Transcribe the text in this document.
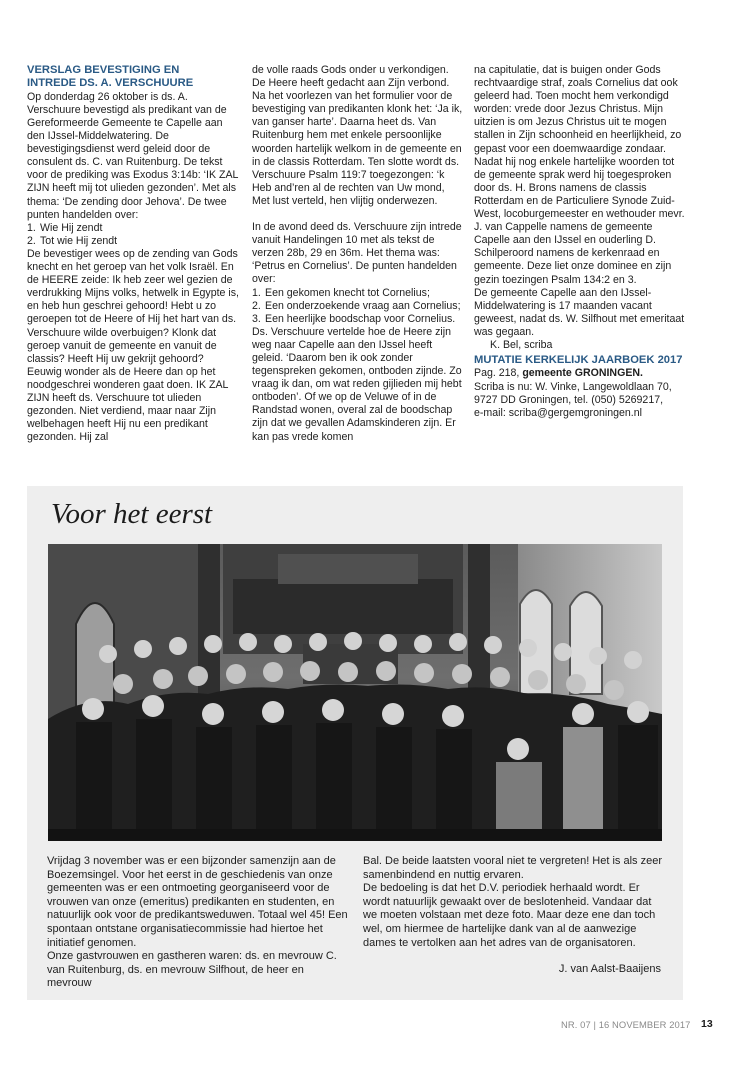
VERSLAG BEVESTIGING EN

INTREDE DS. A. VERSCHUURE

Op donderdag 26 oktober is ds. A. Verschuure bevestigd als predikant van de Gereformeerde Gemeente te Capelle aan den IJssel-Middelwatering. De bevestigingsdienst werd geleid door de consulent ds. C. van Ruitenburg. De tekst voor de prediking was Exodus 3:14b: ‘IK ZAL ZIJN heeft mij tot ulieden gezonden’. Met als thema: ‘De zending door Jehova’. De twee punten handelden over:

1. Wie Hij zendt
2. Tot wie Hij zendt

De bevestiger wees op de zending van Gods knecht en het geroep van het volk Israël. En de HEERE zeide: Ik heb zeer wel gezien de verdrukking Mijns volks, hetwelk in Egypte is, en heb hun geschrei gehoord! Hebt u zo geroepen tot de Heere of Hij het hart van ds. Verschuure wilde overbuigen? Klonk dat geroep vanuit de gemeente en vanuit de classis? Heeft Hij uw gekrijt gehoord? Eeuwig wonder als de Heere dan op het noodgeschrei wonderen gaat doen. IK ZAL ZIJN heeft ds. Verschuure tot ulieden gezonden. Niet verdiend, maar naar Zijn welbehagen heeft Hij nu een predikant gezonden. Hij zal

de volle raads Gods onder u verkondigen. De Heere heeft gedacht aan Zijn verbond. Na het voorlezen van het formulier voor de bevestiging van predikanten klonk het: ‘Ja ik, van ganser harte’. Daarna heet ds. Van Ruitenburg hem met enkele persoonlijke woorden hartelijk welkom in de gemeente en in de classis Rotterdam. Ten slotte wordt ds. Verschuure Psalm 119:7 toegezongen: ‘k Heb and’ren al de rechten van Uw mond, Met lust verteld, hen vlijtig onderwezen.

In de avond deed ds. Verschuure zijn intrede vanuit Handelingen 10 met als tekst de verzen 28b, 29 en 36m. Het thema was: ‘Petrus en Cornelius’. De punten handelden over:

1. Een gekomen knecht tot Cornelius;
2. Een onderzoekende vraag aan Cornelius;
3. Een heerlijke boodschap voor Cornelius.

Ds. Verschuure vertelde hoe de Heere zijn weg naar Capelle aan den IJssel heeft geleid. ‘Daarom ben ik ook zonder tegenspreken gekomen, ontboden zijnde. Zo vraag ik dan, om wat reden gijlieden mij hebt ontboden’. Of we op de Veluwe of in de Randstad wonen, overal zal de boodschap zijn dat we gevallen Adamskinderen zijn. Er kan pas vrede komen

na capitulatie, dat is buigen onder Gods rechtvaardige straf, zoals Cornelius dat ook geleerd had. Toen mocht hem verkondigd worden: vrede door Jezus Christus. Mijn uitzien is om Jezus Christus uit te mogen stallen in Zijn schoonheid en heerlijkheid, zo gepast voor een doemwaardige zondaar.

Nadat hij nog enkele hartelijke woorden tot de gemeente sprak werd hij toegesproken door ds. H. Brons namens de classis Rotterdam en de Particuliere Synode Zuid-West, locoburgemeester en wethouder mevr. J. van Cappelle namens de gemeente Capelle aan den IJssel en ouderling D. Schilperoord namens de kerkenraad en gemeente. Deze liet onze dominee en zijn gezin toezingen Psalm 134:2 en 3.

De gemeente Capelle aan den IJssel-Middelwatering is 17 maanden vacant geweest, nadat ds. W. Silfhout met emeritaat was gegaan.

K. Bel, scriba

MUTATIE KERKELIJK JAARBOEK 2017

Pag. 218, gemeente GRONINGEN.

Scriba is nu: W. Vinke, Langewoldlaan 70,

9727 DD Groningen, tel. (050) 5269217,

e-mail: scriba@gergemgroningen.nl

Voor het eerst

Vrijdag 3 november was er een bijzonder samenzijn aan de Boezemsingel. Voor het eerst in de geschiedenis van onze gemeenten was er een ontmoeting georganiseerd voor de vrouwen van onze (emeritus) predikanten en studenten, en natuurlijk ook voor de predikantsweduwen. Totaal wel 45! Een spontaan ontstane organisatiecommissie had hiertoe het initiatief genomen.

Onze gastvrouwen en gastheren waren: ds. en mevrouw C. van Ruitenburg, ds. en mevrouw Silfhout, de heer en mevrouw

Bal. De beide laatsten vooral niet te vergreten! Het is als zeer samenbindend en nuttig ervaren.

De bedoeling is dat het D.V. periodiek herhaald wordt. Er wordt natuurlijk gewaakt over de beslotenheid. Vandaar dat we moeten volstaan met deze foto. Maar deze ene dan toch wel, om hiermee de hartelijke dank van al de aanwezige dames te vertolken aan het adres van de organisatoren.

J. van Aalst-Baaijens

NR. 07 | 16 NOVEMBER 2017 13
